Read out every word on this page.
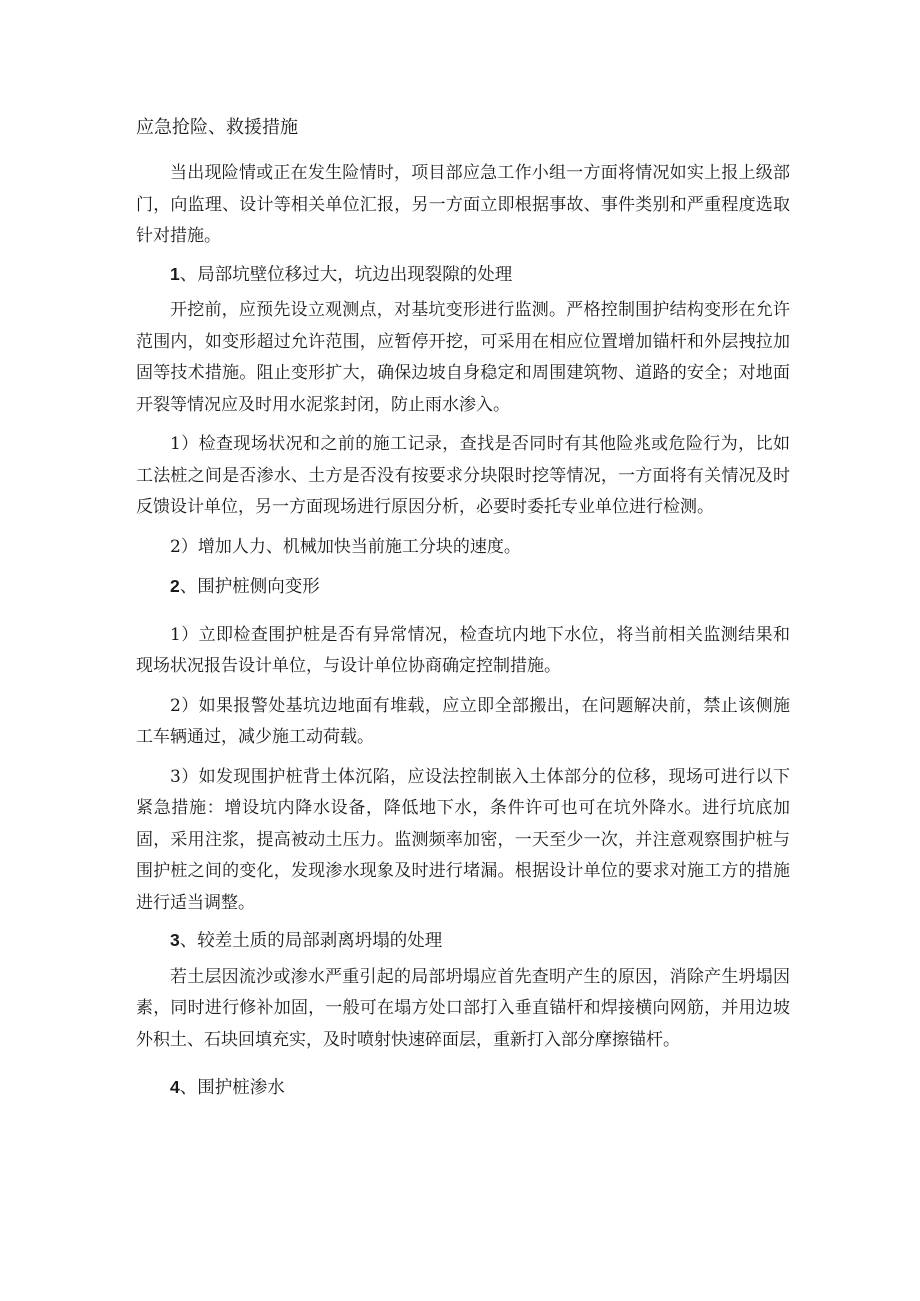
应急抢险、救援措施

当出现险情或正在发生险情时，项目部应急工作小组一方面将情况如实上报上级部门，向监理、设计等相关单位汇报，另一方面立即根据事故、事件类别和严重程度选取针对措施。

1、局部坑壁位移过大，坑边出现裂隙的处理

开挖前，应预先设立观测点，对基坑变形进行监测。严格控制围护结构变形在允许范围内，如变形超过允许范围，应暂停开挖，可采用在相应位置增加锚杆和外层拽拉加固等技术措施。阻止变形扩大，确保边坡自身稳定和周围建筑物、道路的安全；对地面开裂等情况应及时用水泥浆封闭，防止雨水渗入。

1）检查现场状况和之前的施工记录，查找是否同时有其他险兆或危险行为，比如工法桩之间是否渗水、土方是否没有按要求分块限时挖等情况，一方面将有关情况及时反馈设计单位，另一方面现场进行原因分析，必要时委托专业单位进行检测。

2）增加人力、机械加快当前施工分块的速度。

2、围护桩侧向变形

1）立即检查围护桩是否有异常情况，检查坑内地下水位，将当前相关监测结果和现场状况报告设计单位，与设计单位协商确定控制措施。

2）如果报警处基坑边地面有堆载，应立即全部搬出，在问题解决前，禁止该侧施工车辆通过，减少施工动荷载。

3）如发现围护桩背土体沉陷，应设法控制嵌入土体部分的位移，现场可进行以下紧急措施：增设坑内降水设备，降低地下水，条件许可也可在坑外降水。进行坑底加固，采用注浆，提高被动土压力。监测频率加密，一天至少一次，并注意观察围护桩与围护桩之间的变化，发现渗水现象及时进行堵漏。根据设计单位的要求对施工方的措施进行适当调整。

3、较差土质的局部剥离坍塌的处理

若土层因流沙或渗水严重引起的局部坍塌应首先查明产生的原因，消除产生坍塌因素，同时进行修补加固，一般可在塌方处口部打入垂直锚杆和焊接横向网筋，并用边坡外积土、石块回填充实，及时喷射快速碎面层，重新打入部分摩擦锚杆。

4、围护桩渗水
